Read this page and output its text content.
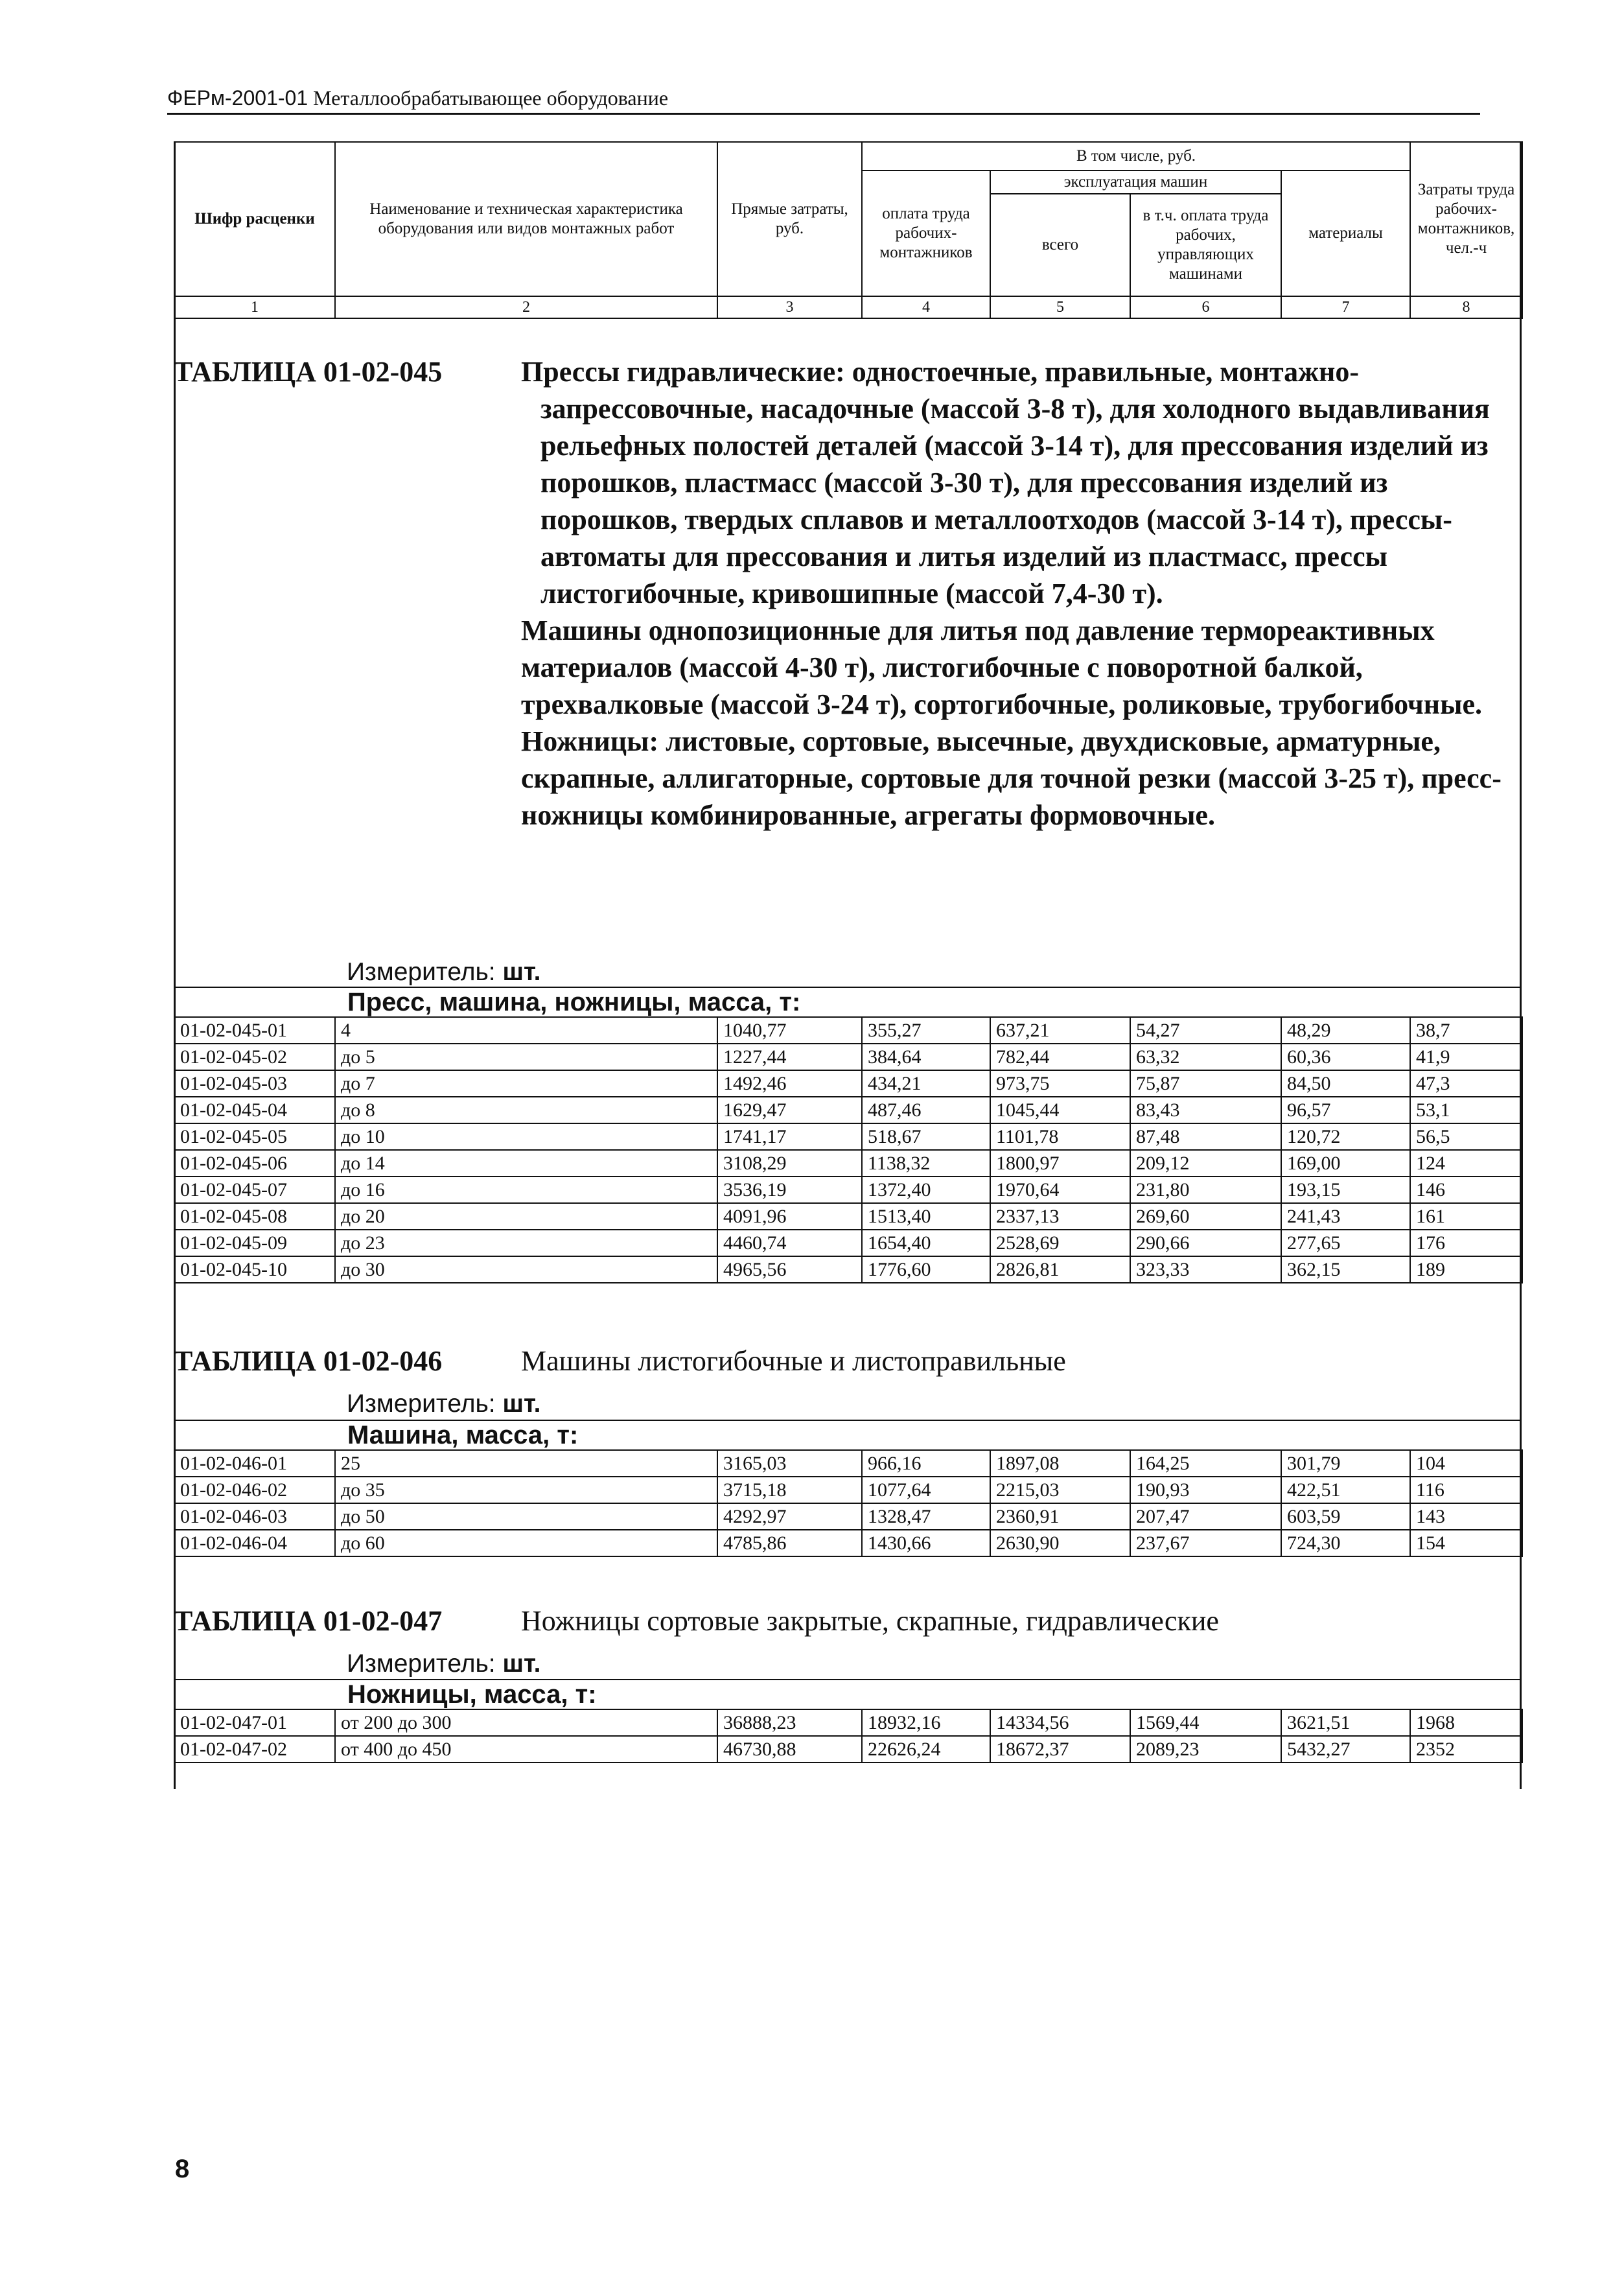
ФЕРм-2001-01 Металлообрабатывающее оборудование
Шифр расценки	Наименование и техническая характеристика оборудования или видов монтажных работ	Прямые затраты, руб.	В том числе, руб.				Затраты труда рабочих-монтажников, чел.-ч
			оплата труда рабочих-монтажников	эксплуатация машин		материалы	
				всего	в т.ч. оплата труда рабочих, управляющих машинами		

1	2	3	4	5	6	7	8
ТАБЛИЦА 01-02-045	Прессы гидравлические: одностоечные, правильные, монтажно-запрессовочные, насадочные (массой 3-8 т), для холодного выдавливания рельефных полостей деталей (массой 3-14 т), для прессования изделий из порошков, пластмасс (массой 3-30 т), для прессования изделий из порошков, твердых сплавов и металлоотходов (массой 3-14 т), прессы-автоматы для прессования и литья изделий из пластмасс, прессы листогибочные, кривошипные (массой 7,4-30 т).
Машины однопозиционные для литья под давление термореактивных материалов (массой 4-30 т), листогибочные с поворотной балкой, трехвалковые (массой 3-24 т), сортогибочные, роликовые, трубогибочные.
Ножницы: листовые, сортовые, высечные, двухдисковые, арматурные, скрапные, аллигаторные, сортовые для точной резки (массой 3-25 т), пресс-ножницы комбинированные, агрегаты формовочные.
Измеритель: шт.
Пресс, машина, ножницы, масса, т:
01-02-045-01	4	1040,77	355,27	637,21	54,27	48,29	38,7
01-02-045-02	до 5	1227,44	384,64	782,44	63,32	60,36	41,9
01-02-045-03	до 7	1492,46	434,21	973,75	75,87	84,50	47,3
01-02-045-04	до 8	1629,47	487,46	1045,44	83,43	96,57	53,1
01-02-045-05	до 10	1741,17	518,67	1101,78	87,48	120,72	56,5
01-02-045-06	до 14	3108,29	1138,32	1800,97	209,12	169,00	124
01-02-045-07	до 16	3536,19	1372,40	1970,64	231,80	193,15	146
01-02-045-08	до 20	4091,96	1513,40	2337,13	269,60	241,43	161
01-02-045-09	до 23	4460,74	1654,40	2528,69	290,66	277,65	176
01-02-045-10	до 30	4965,56	1776,60	2826,81	323,33	362,15	189
ТАБЛИЦА 01-02-046	Машины листогибочные и листоправильные
Измеритель: шт.
Машина, масса, т:
01-02-046-01	25	3165,03	966,16	1897,08	164,25	301,79	104
01-02-046-02	до 35	3715,18	1077,64	2215,03	190,93	422,51	116
01-02-046-03	до 50	4292,97	1328,47	2360,91	207,47	603,59	143
01-02-046-04	до 60	4785,86	1430,66	2630,90	237,67	724,30	154
ТАБЛИЦА 01-02-047	Ножницы сортовые закрытые, скрапные, гидравлические
Измеритель: шт.
Ножницы, масса, т:
01-02-047-01	от 200 до 300	36888,23	18932,16	14334,56	1569,44	3621,51	1968
01-02-047-02	от 400 до 450	46730,88	22626,24	18672,37	2089,23	5432,27	2352
8
